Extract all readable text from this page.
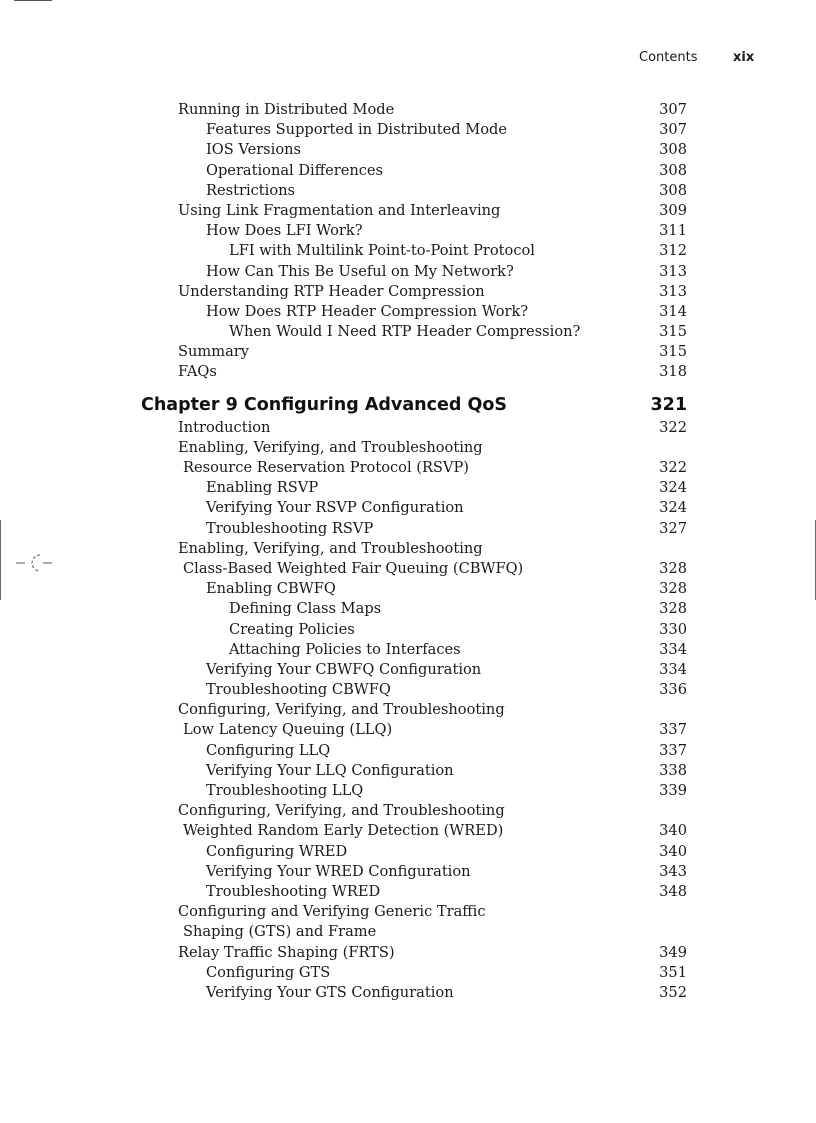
Contents	xix
Running in Distributed Mode	307
Features Supported in Distributed Mode	307
IOS Versions	308
Operational Differences	308
Restrictions	308
Using Link Fragmentation and Interleaving	309
How Does LFI Work?	311
LFI with Multilink Point-to-Point Protocol	312
How Can This Be Useful on My Network?	313
Understanding RTP Header Compression	313
How Does RTP Header Compression Work?	314
When Would I Need RTP Header Compression?	315
Summary	315
FAQs	318
Chapter 9 Configuring Advanced QoS	321
Introduction	322
Enabling, Verifying, and Troubleshooting
Resource Reservation Protocol (RSVP)	322
Enabling RSVP	324
Verifying Your RSVP Configuration	324
Troubleshooting RSVP	327
Enabling, Verifying, and Troubleshooting
Class-Based Weighted Fair Queuing (CBWFQ)	328
Enabling CBWFQ	328
Defining Class Maps	328
Creating Policies	330
Attaching Policies to Interfaces	334
Verifying Your CBWFQ Configuration	334
Troubleshooting CBWFQ	336
Configuring, Verifying, and Troubleshooting
Low Latency Queuing (LLQ)	337
Configuring LLQ	337
Verifying Your LLQ Configuration	338
Troubleshooting LLQ	339
Configuring, Verifying, and Troubleshooting
Weighted Random Early Detection (WRED)	340
Configuring WRED	340
Verifying Your WRED Configuration	343
Troubleshooting WRED	348
Configuring and Verifying Generic Traffic
Shaping (GTS) and Frame
Relay Traffic Shaping (FRTS)	349
Configuring GTS	351
Verifying Your GTS Configuration	352
